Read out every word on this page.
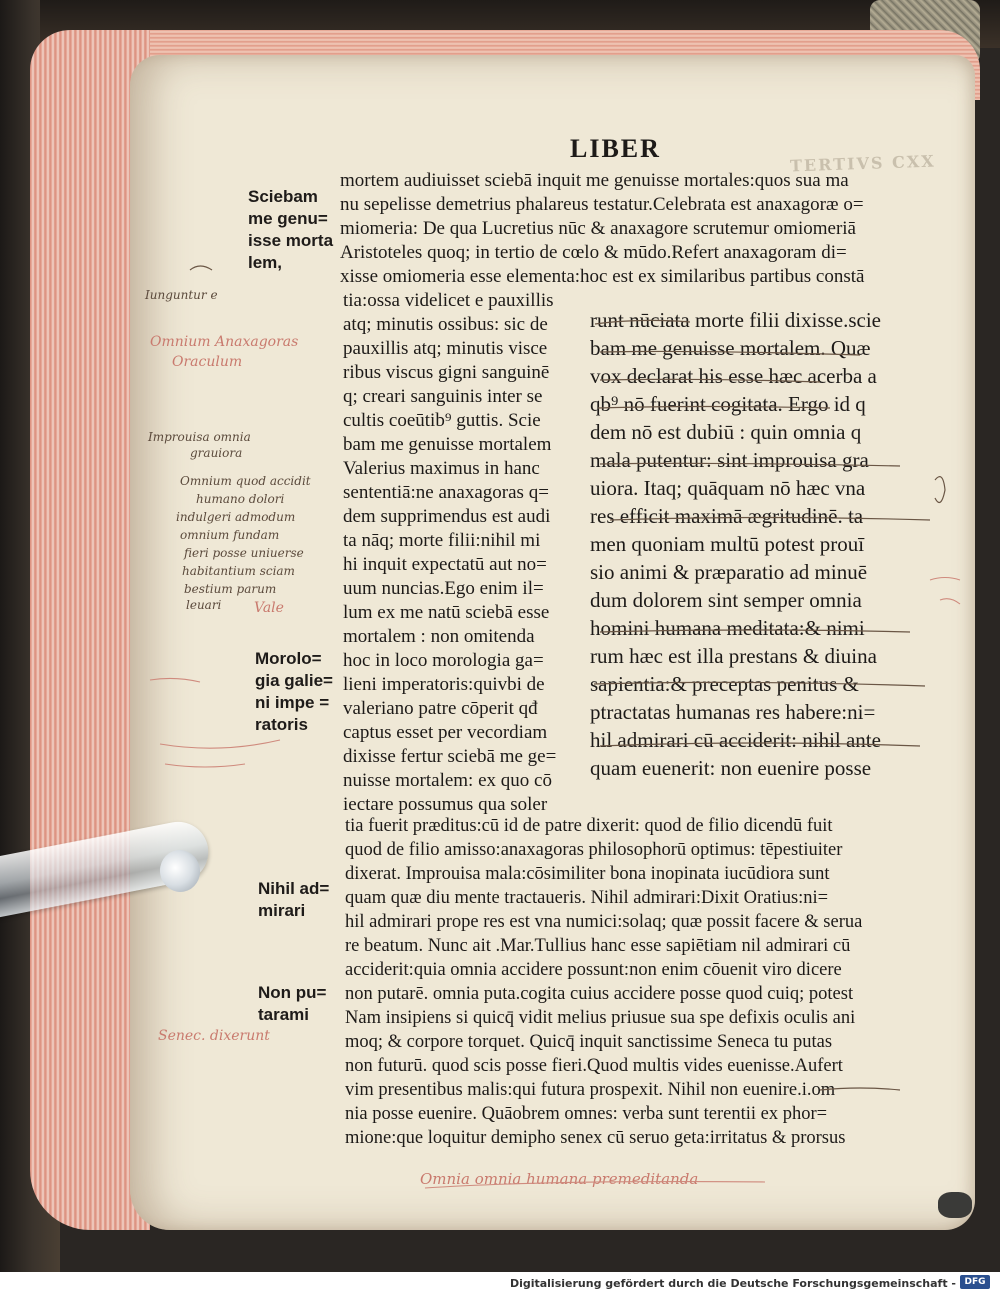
TERTIVS CXX
LIBER
Sciebam
me genu=
isse morta
lem,
Morolo=
gia galie=
ni impe =
ratoris
Nihil ad=
mirari
Non pu=
tarami
mortem audiuisset sciebā inquit me genuisse mortales:quos sua ma
nu sepelisse demetrius phalareus testatur.Celebrata est anaxagoræ o=
miomeria: De qua Lucretius nūc & anaxagore scrutemur omiomeriā
Aristoteles quoq; in tertio de cœlo & mūdo.Refert anaxagoram di=
xisse omiomeria esse elementa:hoc est ex similaribus partibus constā
tia:ossa videlicet e pauxillis
atq; minutis ossibus: sic de
pauxillis atq; minutis visce
ribus viscus gigni sanguinē
q; creari sanguinis inter se
cultis coeūtib⁹ guttis. Scie
bam me genuisse mortalem
Valerius maximus in hanc
sententiā:ne anaxagoras q=
dem supprimendus est audi
ta nāq; morte filii:nihil mi
hi inquit expectatū aut no=
uum nuncias.Ego enim il=
lum ex me natū sciebā esse
mortalem : non omitenda
hoc in loco morologia ga=
lieni imperatoris:quivbi de
valeriano patre cōperit qđ
captus esset per vecordiam
dixisse fertur sciebā me ge=
nuisse mortalem: ex quo cō
iectare possumus qua soler
runt nūciata morte filii dixisse.scie
bam me genuisse mortalem. Quæ
vox declarat his esse hæc acerba a
qb⁹ nō fuerint cogitata. Ergo id q
dem nō est dubiū : quin omnia q
mala putentur: sint improuisa gra
uiora. Itaq; quāquam nō hæc vna
res efficit maximā ægritudinē. ta
men quoniam multū potest prouī
sio animi & præparatio ad minuē
dum dolorem sint semper omnia
homini humana meditata:& nimi
rum hæc est illa prestans & diuina
sapientia:& preceptas penitus &
ptractatas humanas res habere:ni=
hil admirari cū acciderit: nihil ante
quam euenerit: non euenire posse
tia fuerit præditus:cū id de patre dixerit: quod de filio dicendū fuit
quod de filio amisso:anaxagoras philosophorū optimus: tēpestiuiter
dixerat. Improuisa mala:cōsimiliter bona inopinata iucūdiora sunt
quam quæ diu mente tractaueris. Nihil admirari:Dixit Oratius:ni=
hil admirari prope res est vna numici:solaq; quæ possit facere & serua
re beatum. Nunc ait .Mar.Tullius hanc esse sapiētiam nil admirari cū
acciderit:quia omnia accidere possunt:non enim cōuenit viro dicere
non putarē. omnia puta.cogita cuius accidere posse quod cuiq; potest
Nam insipiens si quicq̄ vidit melius priusue sua spe defixis oculis ani
moq; & corpore torquet. Quicq̄ inquit sanctissime Seneca tu putas
non futurū. quod scis posse fieri.Quod multis vides euenisse.Aufert
vim presentibus malis:qui futura prospexit. Nihil non euenire.i.om
nia posse euenire. Quāobrem omnes: verba sunt terentii ex phor=
mione:que loquitur demipho senex cū seruo geta:irritatus & prorsus
Iunguntur e
Omnium Anaxagoras
Oraculum
Improuisa omnia
grauiora
Omnium quod accidit
humano dolori
indulgeri admodum
omnium fundam
fieri posse uniuerse
habitantium sciam
bestium parum
leuari Vale
Senec. dixerunt
Omnia omnia humana premeditanda
Digitalisierung gefördert durch die Deutsche Forschungsgemeinschaft - DFG
